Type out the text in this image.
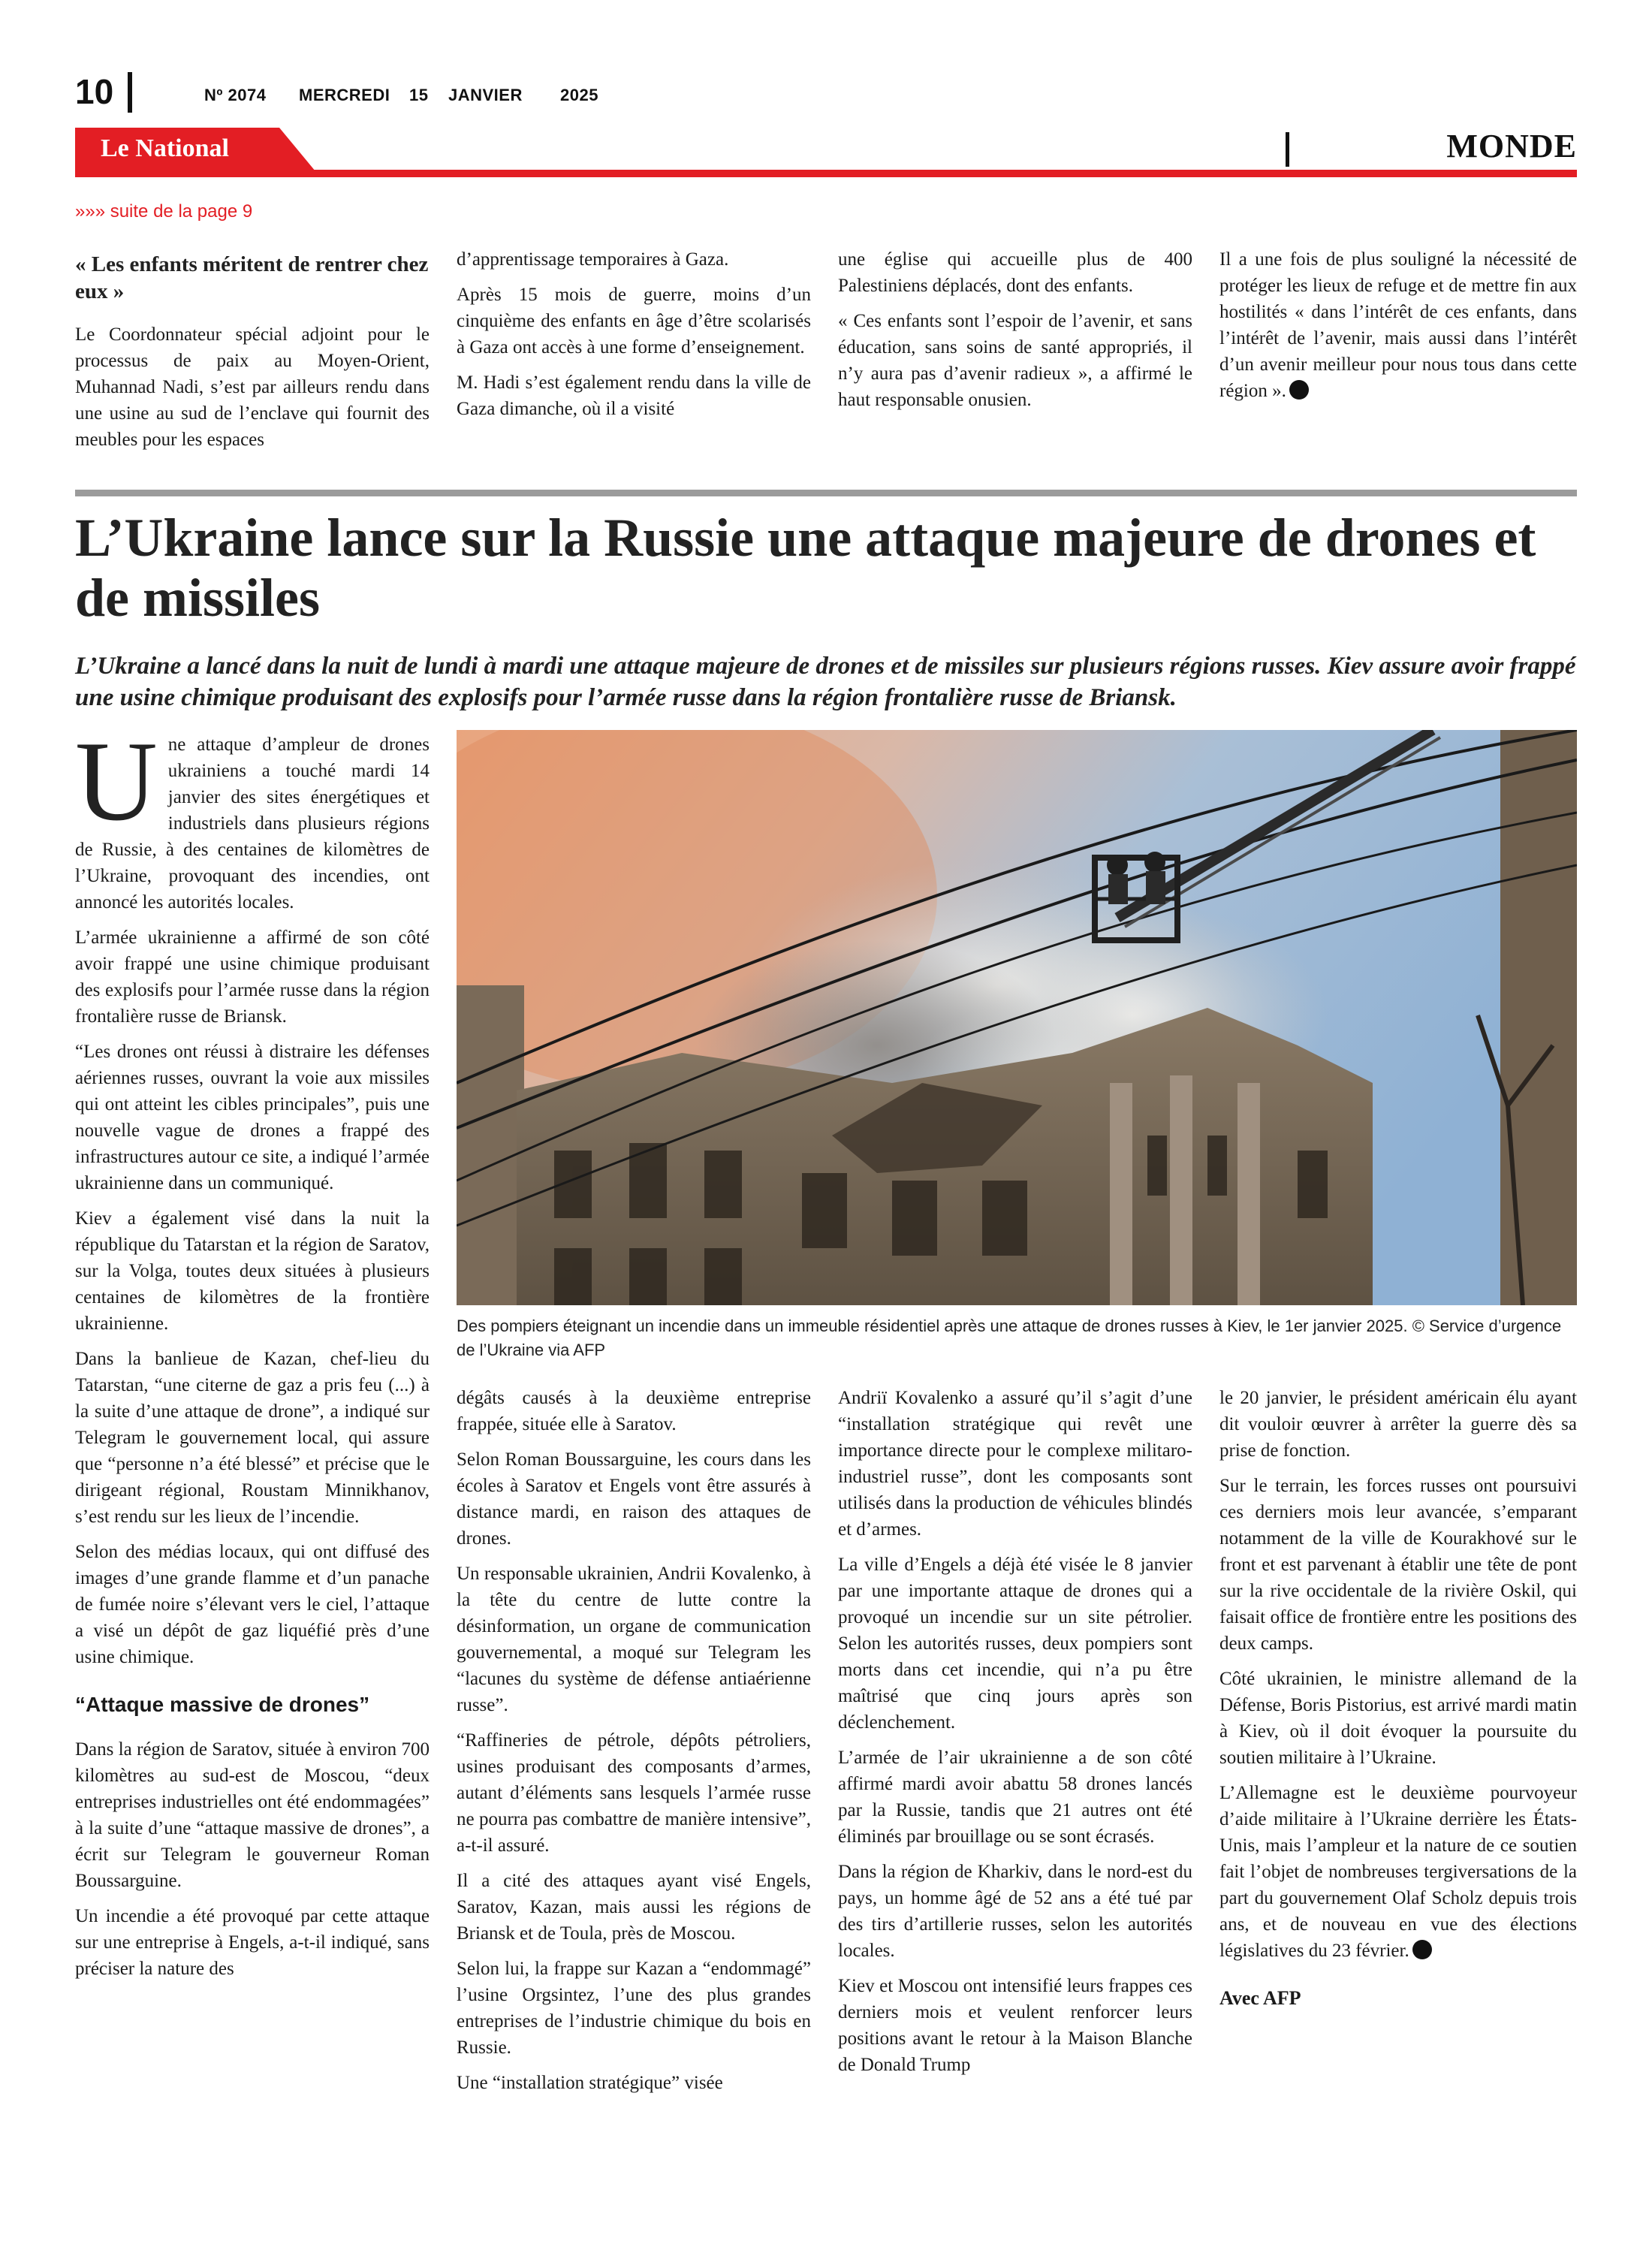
10	Nº 2074 MERCREDI 15 JANVIER 2025
Le National	MONDE
»»» suite de la page 9
« Les enfants méritent de rentrer chez eux »

Le Coordonnateur spécial adjoint pour le processus de paix au Moyen-Orient, Muhannad Nadi, s’est par ailleurs rendu dans une usine au sud de l’enclave qui fournit des meubles pour les espaces

d’apprentissage temporaires à Gaza.

Après 15 mois de guerre, moins d’un cinquième des enfants en âge d’être scolarisés à Gaza ont accès à une forme d’enseignement.

M. Hadi s’est également rendu dans la ville de Gaza dimanche, où il a visité

une église qui accueille plus de 400 Palestiniens déplacés, dont des enfants.

« Ces enfants sont l’espoir de l’avenir, et sans éducation, sans soins de santé appropriés, il n’y aura pas d’avenir radieux », a affirmé le haut responsable onusien.

Il a une fois de plus souligné la nécessité de protéger les lieux de refuge et de mettre fin aux hostilités « dans l’intérêt de ces enfants, dans l’intérêt de l’avenir, mais aussi dans l’intérêt d’un avenir meilleur pour nous tous dans cette région ».

L’Ukraine lance sur la Russie une attaque majeure de drones et de missiles
L’Ukraine a lancé dans la nuit de lundi à mardi une attaque majeure de drones et de missiles sur plusieurs régions russes. Kiev assure avoir frappé une usine chimique produisant des explosifs pour l’armée russe dans la région frontalière russe de Briansk.
Des pompiers éteignant un incendie dans un immeuble résidentiel après une attaque de drones russes à Kiev, le 1er janvier 2025. © Service d’urgence de l’Ukraine via AFP

Une attaque d’ampleur de drones ukrainiens a touché mardi 14 janvier des sites énergétiques et industriels dans plusieurs régions de Russie, à des centaines de kilomètres de l’Ukraine, provoquant des incendies, ont annoncé les autorités locales.

L’armée ukrainienne a affirmé de son côté avoir frappé une usine chimique produisant des explosifs pour l’armée russe dans la région frontalière russe de Briansk.

“Les drones ont réussi à distraire les défenses aériennes russes, ouvrant la voie aux missiles qui ont atteint les cibles principales”, puis une nouvelle vague de drones a frappé des infrastructures autour ce site, a indiqué l’armée ukrainienne dans un communiqué.

Kiev a également visé dans la nuit la république du Tatarstan et la région de Saratov, sur la Volga, toutes deux situées à plusieurs centaines de kilomètres de la frontière ukrainienne.

Dans la banlieue de Kazan, chef-lieu du Tatarstan, “une citerne de gaz a pris feu (...) à la suite d’une attaque de drone”, a indiqué sur Telegram le gouvernement local, qui assure que “personne n’a été blessé” et précise que le dirigeant régional, Roustam Minnikhanov, s’est rendu sur les lieux de l’incendie.

Selon des médias locaux, qui ont diffusé des images d’une grande flamme et d’un panache de fumée noire s’élevant vers le ciel, l’attaque a visé un dépôt de gaz liquéfié près d’une usine chimique.

“Attaque massive de drones”

Dans la région de Saratov, située à environ 700 kilomètres au sud-est de Moscou, “deux entreprises industrielles ont été endommagées” à la suite d’une “attaque massive de drones”, a écrit sur Telegram le gouverneur Roman Boussarguine.

Un incendie a été provoqué par cette attaque sur une entreprise à Engels, a-t-il indiqué, sans préciser la nature des

dégâts causés à la deuxième entreprise frappée, située elle à Saratov.

Selon Roman Boussarguine, les cours dans les écoles à Saratov et Engels vont être assurés à distance mardi, en raison des attaques de drones.

Un responsable ukrainien, Andrii Kovalenko, à la tête du centre de lutte contre la désinformation, un organe de communication gouvernemental, a moqué sur Telegram les “lacunes du système de défense antiaérienne russe”.

“Raffineries de pétrole, dépôts pétroliers, usines produisant des composants d’armes, autant d’éléments sans lesquels l’armée russe ne pourra pas combattre de manière intensive”, a-t-il assuré.

Il a cité des attaques ayant visé Engels, Saratov, Kazan, mais aussi les régions de Briansk et de Toula, près de Moscou.

Selon lui, la frappe sur Kazan a “endommagé” l’usine Orgsintez, l’une des plus grandes entreprises de l’industrie chimique du bois en Russie.

Une “installation stratégique” visée

Andriï Kovalenko a assuré qu’il s’agit d’une “installation stratégique qui revêt une importance directe pour le complexe militaro-industriel russe”, dont les composants sont utilisés dans la production de véhicules blindés et d’armes.

La ville d’Engels a déjà été visée le 8 janvier par une importante attaque de drones qui a provoqué un incendie sur un site pétrolier. Selon les autorités russes, deux pompiers sont morts dans cet incendie, qui n’a pu être maîtrisé que cinq jours après son déclenchement.

L’armée de l’air ukrainienne a de son côté affirmé mardi avoir abattu 58 drones lancés par la Russie, tandis que 21 autres ont été éliminés par brouillage ou se sont écrasés.

Dans la région de Kharkiv, dans le nord-est du pays, un homme âgé de 52 ans a été tué par des tirs d’artillerie russes, selon les autorités locales.

Kiev et Moscou ont intensifié leurs frappes ces derniers mois et veulent renforcer leurs positions avant le retour à la Maison Blanche de Donald Trump

le 20 janvier, le président américain élu ayant dit vouloir œuvrer à arrêter la guerre dès sa prise de fonction.

Sur le terrain, les forces russes ont poursuivi ces derniers mois leur avancée, s’emparant notamment de la ville de Kourakhové sur le front et est parvenant à établir une tête de pont sur la rive occidentale de la rivière Oskil, qui faisait office de frontière entre les positions des deux camps.

Côté ukrainien, le ministre allemand de la Défense, Boris Pistorius, est arrivé mardi matin à Kiev, où il doit évoquer la poursuite du soutien militaire à l’Ukraine.

L’Allemagne est le deuxième pourvoyeur d’aide militaire à l’Ukraine derrière les États-Unis, mais l’ampleur et la nature de ce soutien fait l’objet de nombreuses tergiversations de la part du gouvernement Olaf Scholz depuis trois ans, et de nouveau en vue des élections législatives du 23 février.

Avec AFP
